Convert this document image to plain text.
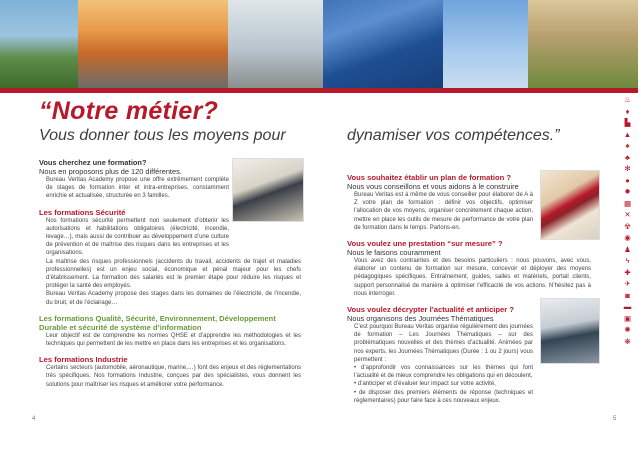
“Notre métier?
Vous donner tous les moyens pour	dynamiser vos compétences.”
Vous cherchez une formation?
Nous en proposons plus de 120 différentes.
Bureau Veritas Academy propose une offre extrêmement complète de stages de formation inter et intra-entreprises, constamment enrichie et actualisée, structurée en 3 familles.
Les formations Sécurité
Nos formations sécurité permettent non seulement d’obtenir les autorisations et habilitations obligatoires (électricité, incendie, levage…), mais aussi de contribuer au développement d’une culture de prévention et de maîtrise des risques dans les entreprises et les organisations.
La maîtrise des risques professionnels (accidents du travail, accidents de trajet et maladies professionnelles) est un enjeu social, économique et pénal majeur pour les chefs d’établissement. La formation des salariés est le premier étape pour réduire les risques et protéger la santé des employés.
Bureau Veritas Academy propose des stages dans les domaines de l’électricité, de l’incendie, du bruit, et de l’éclairage…
Les formations Qualité, Sécurité, Environnement, Développement Durable et sécurité de système d’information
Leur objectif est de comprendre les normes QHSE et d’apprendre les méthodologies et les techniques qui permettent de les mettre en place dans les entreprises et les organisations.
Les formations Industrie
Certains secteurs (automobile, aéronautique, marine,…) font des enjeux et des réglementations très spécifiques. Nos formations Industrie, conçues par des spécialistes, vous donnent les solutions pour maîtriser les risques et améliorer votre performance.
Vous souhaitez établir un plan de formation ?
Nous vous conseillons et vous aidons à le construire
Bureau Veritas est à même de vous conseiller pour élaborer de A à Z votre plan de formation : définir vos objectifs, optimiser l’allocation de vos moyens, organiser concrètement chaque action, mettre en place les outils de mesure de performance de votre plan de formation dans le temps. Parlons-en.
Vous voulez une prestation “sur mesure” ?
Nous le faisons couramment
Vous avez des contraintes et des besoins particuliers : nous pouvons, avec vous, élaborer un contenu de formation sur mesure, concevoir et déployer des moyens pédagogiques spécifiques. Entraînement, guides, salles et matériels, portail clients, support personnalisé de manière à optimiser l’efficacité de vos actions. N’hésitez pas à nous interroger.
Vous voulez décrypter l’actualité et anticiper ?
Nous organisons des Journées Thématiques
C’est pourquoi Bureau Veritas organise régulièrement des journées de formation – Les Journées Thématiques – sur des problématiques nouvelles et des thèmes d’actualité. Animées par nos experts, les Journées Thématiques (Durée : 1 ou 2 jours) vous permettent :
• d’approfondir vos connaissances sur les thèmes qui font l’actualité et de mieux comprendre les obligations qui en découlent,
• d’anticiper et d’évaluer leur impact sur votre activité,
• de disposer des premiers éléments de réponse (techniques et réglementaires) pour faire face à ces nouveaux enjeux.
♨
♦
▙
▲
♠
♣
✻
●
✹
▦
✕
☢
◉
♟
ϟ
✚
✈
◙
▬
▣
✺
❋
4	5
